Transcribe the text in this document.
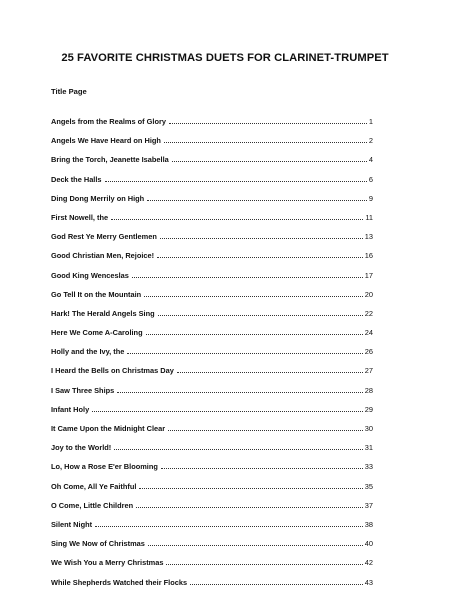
25 FAVORITE CHRISTMAS DUETS FOR CLARINET-TRUMPET
Title Page
Angels from the Realms of Glory	1
Angels We Have Heard on High	2
Bring the Torch, Jeanette Isabella	4
Deck the Halls	6
Ding Dong Merrily on High	9
First Nowell, the	11
God Rest Ye Merry Gentlemen	13
Good Christian Men, Rejoice!	16
Good King Wenceslas	17
Go Tell It on the Mountain	20
Hark! The Herald Angels Sing	22
Here We Come A-Caroling	24
Holly and the Ivy, the	26
I Heard the Bells on Christmas Day	27
I Saw Three Ships	28
Infant Holy	29
It Came Upon the Midnight Clear	30
Joy to the World!	31
Lo, How a Rose E'er Blooming	33
Oh Come, All Ye Faithful	35
O Come, Little Children	37
Silent Night	38
Sing We Now of Christmas	40
We Wish You a Merry Christmas	42
While Shepherds Watched their Flocks	43
